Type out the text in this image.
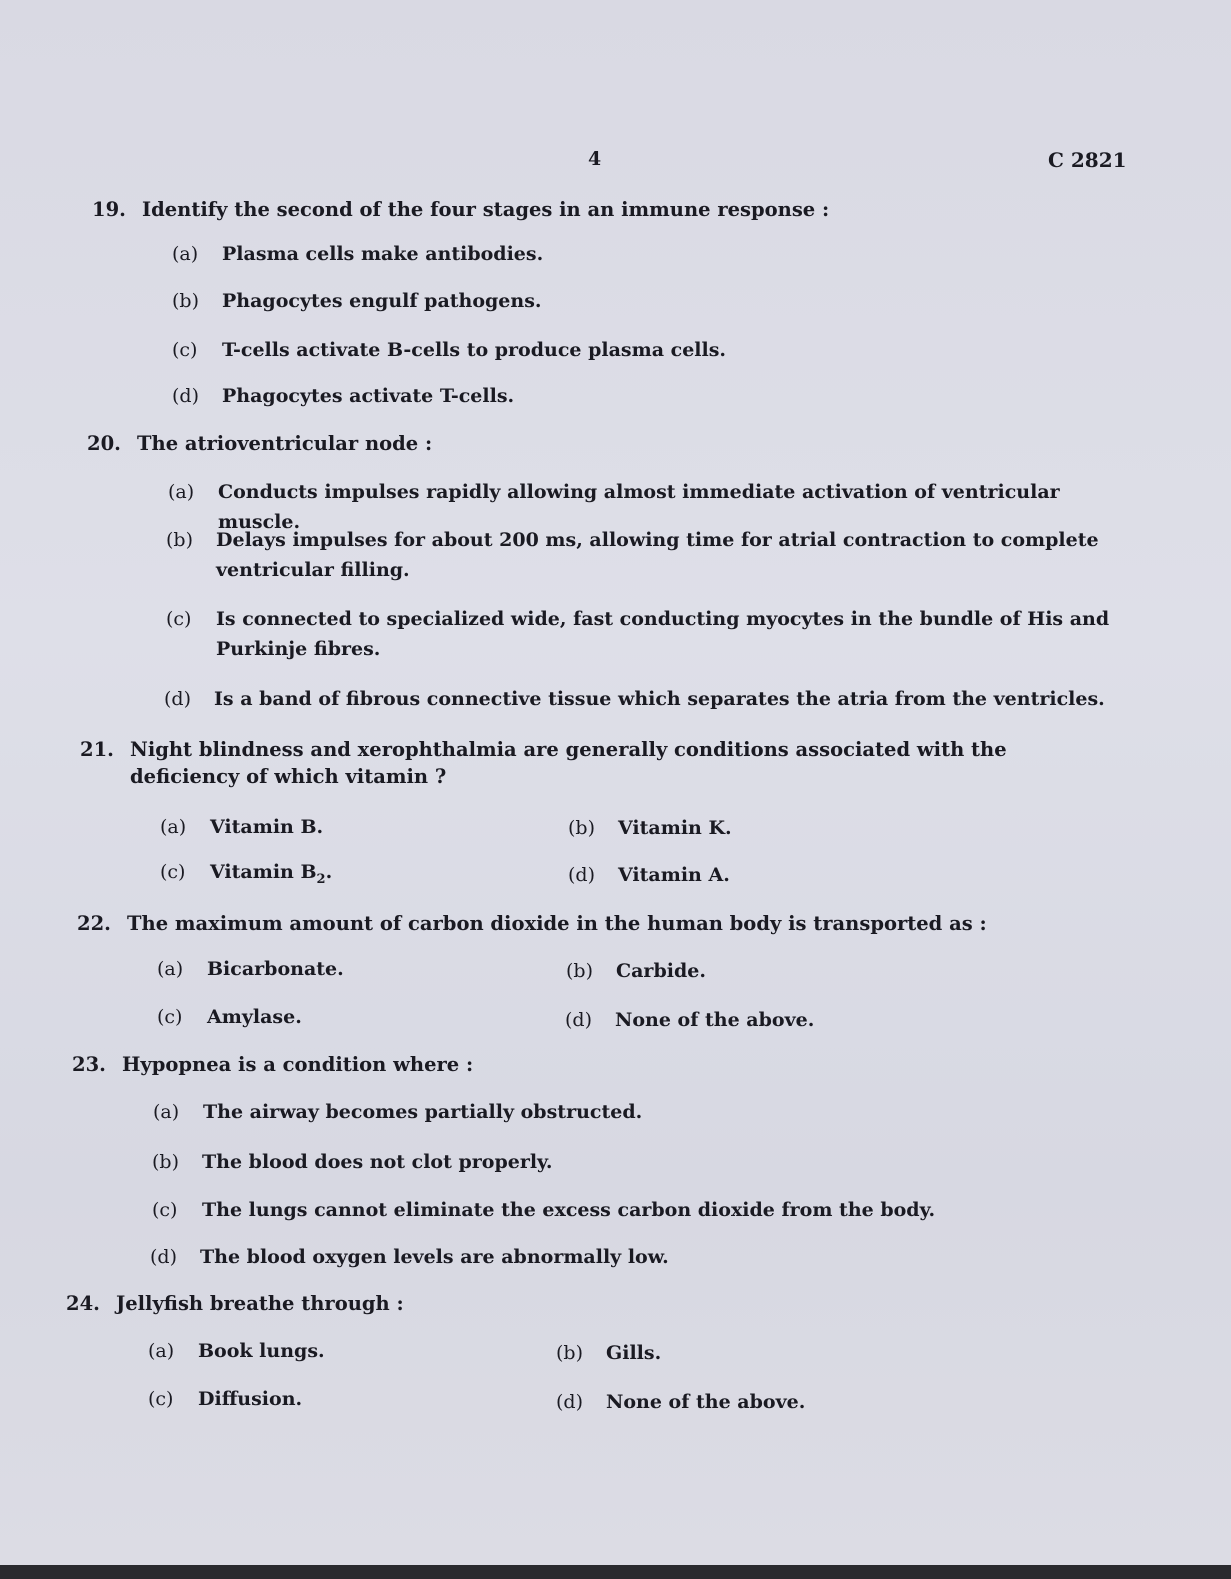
4	C 2821
19. Identify the second of the four stages in an immune response :
(a)	Plasma cells make antibodies.
(b)	Phagocytes engulf pathogens.
(c)	T-cells activate B-cells to produce plasma cells.
(d)	Phagocytes activate T-cells.
20. The atrioventricular node :
(a)	Conducts impulses rapidly allowing almost immediate activation of ventricular muscle.
(b)	Delays impulses for about 200 ms, allowing time for atrial contraction to complete ventricular filling.
(c)	Is connected to specialized wide, fast conducting myocytes in the bundle of His and Purkinje fibres.
(d)	Is a band of fibrous connective tissue which separates the atria from the ventricles.
21. Night blindness and xerophthalmia are generally conditions associated with the deficiency of which vitamin ?
(a)	Vitamin B.	(b)	Vitamin K.
(c)	Vitamin $B_2$.	(d)	Vitamin A.
22. The maximum amount of carbon dioxide in the human body is transported as :
(a)	Bicarbonate.	(b)	Carbide.
(c)	Amylase.	(d)	None of the above.
23. Hypopnea is a condition where :
(a)	The airway becomes partially obstructed.
(b)	The blood does not clot properly.
(c)	The lungs cannot eliminate the excess carbon dioxide from the body.
(d)	The blood oxygen levels are abnormally low.
24. Jellyfish breathe through :
(a)	Book lungs.	(b)	Gills.
(c)	Diffusion.	(d)	None of the above.
